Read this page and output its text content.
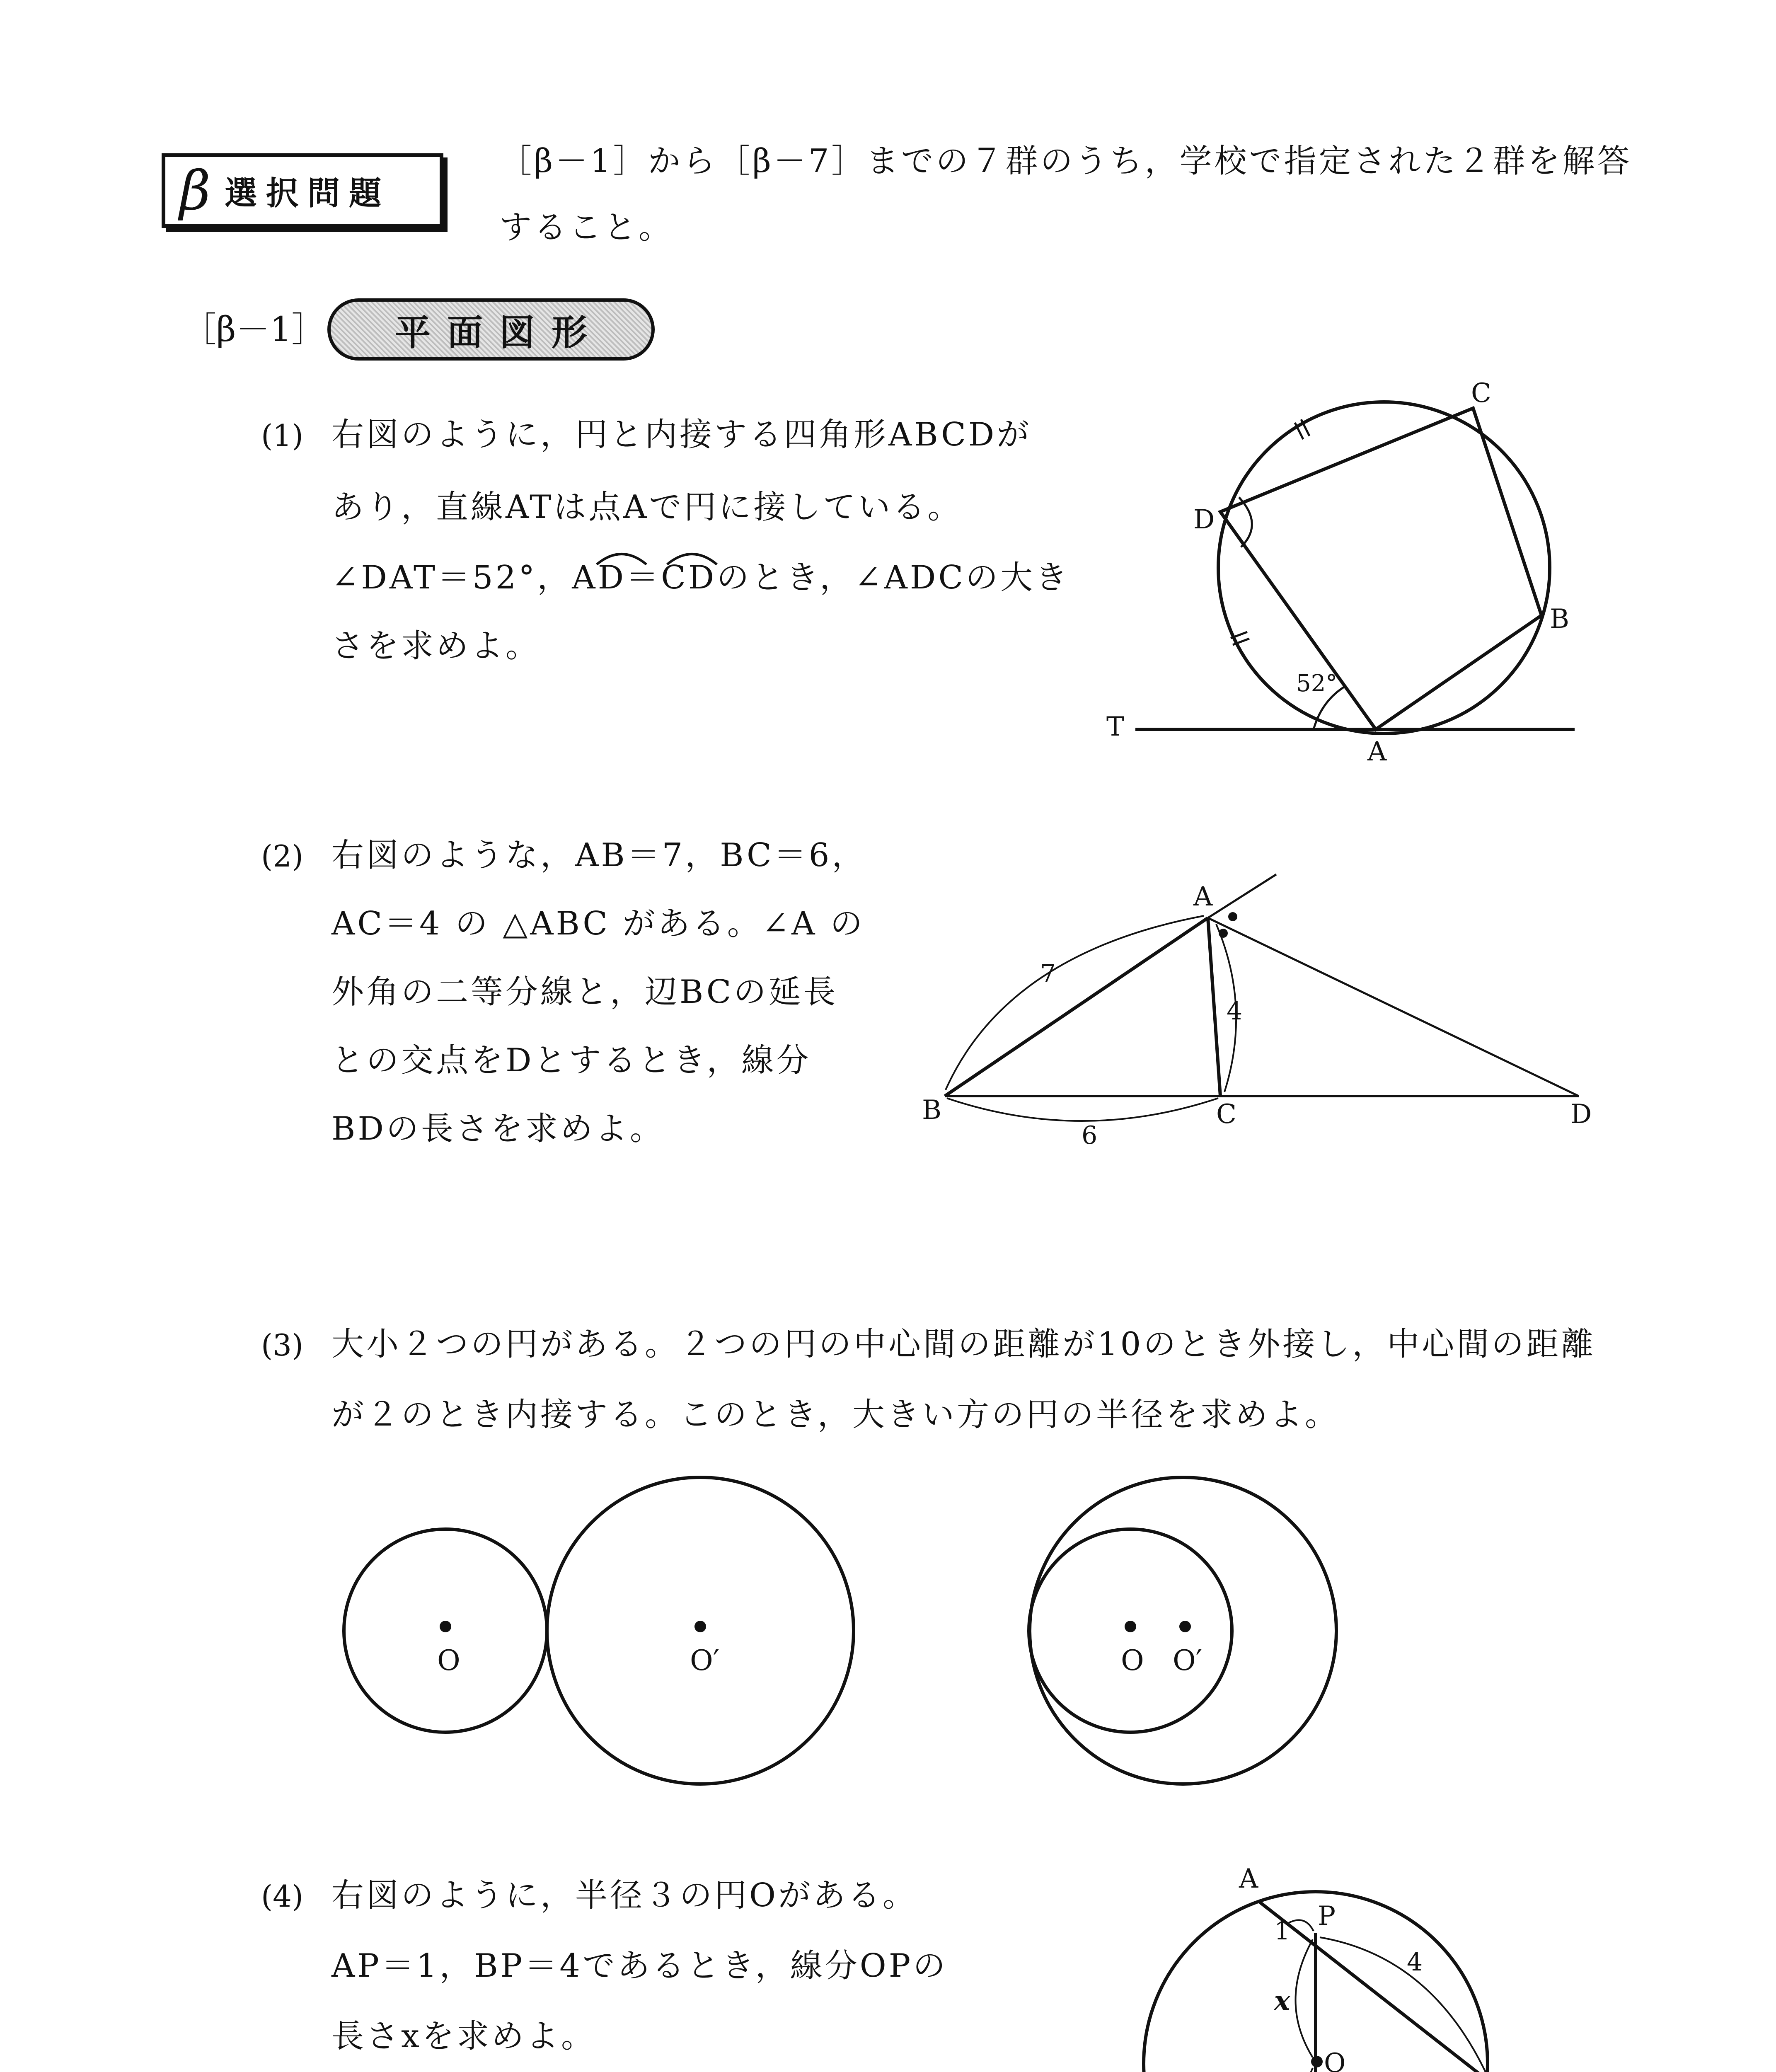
β 選択問題
［β－1］から［β－7］までの７群のうち，学校で指定された２群を解答
すること。
［β－1］	平面図形
(1) 右図のように，円と内接する四角形ABCDが
あり，直線ATは点Aで円に接している。
∠DAT＝52°，AD＝CDのとき，∠ADCの大き
さを求めよ。
C
D
B
A
T
52°
(2) 右図のような，AB＝7，BC＝6，
AC＝4 の △ABC がある。∠A の
外角の二等分線と，辺BCの延長
との交点をDとするとき，線分
BDの長さを求めよ。
A
B	C	D
7
4
6
(3) 大小２つの円がある。２つの円の中心間の距離が10のとき外接し，中心間の距離
が２のとき内接する。このとき，大きい方の円の半径を求めよ。
O	O′	O O′
(4) 右図のように，半径３の円Oがある。
AP＝1，BP＝4であるとき，線分OPの
長さxを求めよ。
A
P
O
1
4
x
